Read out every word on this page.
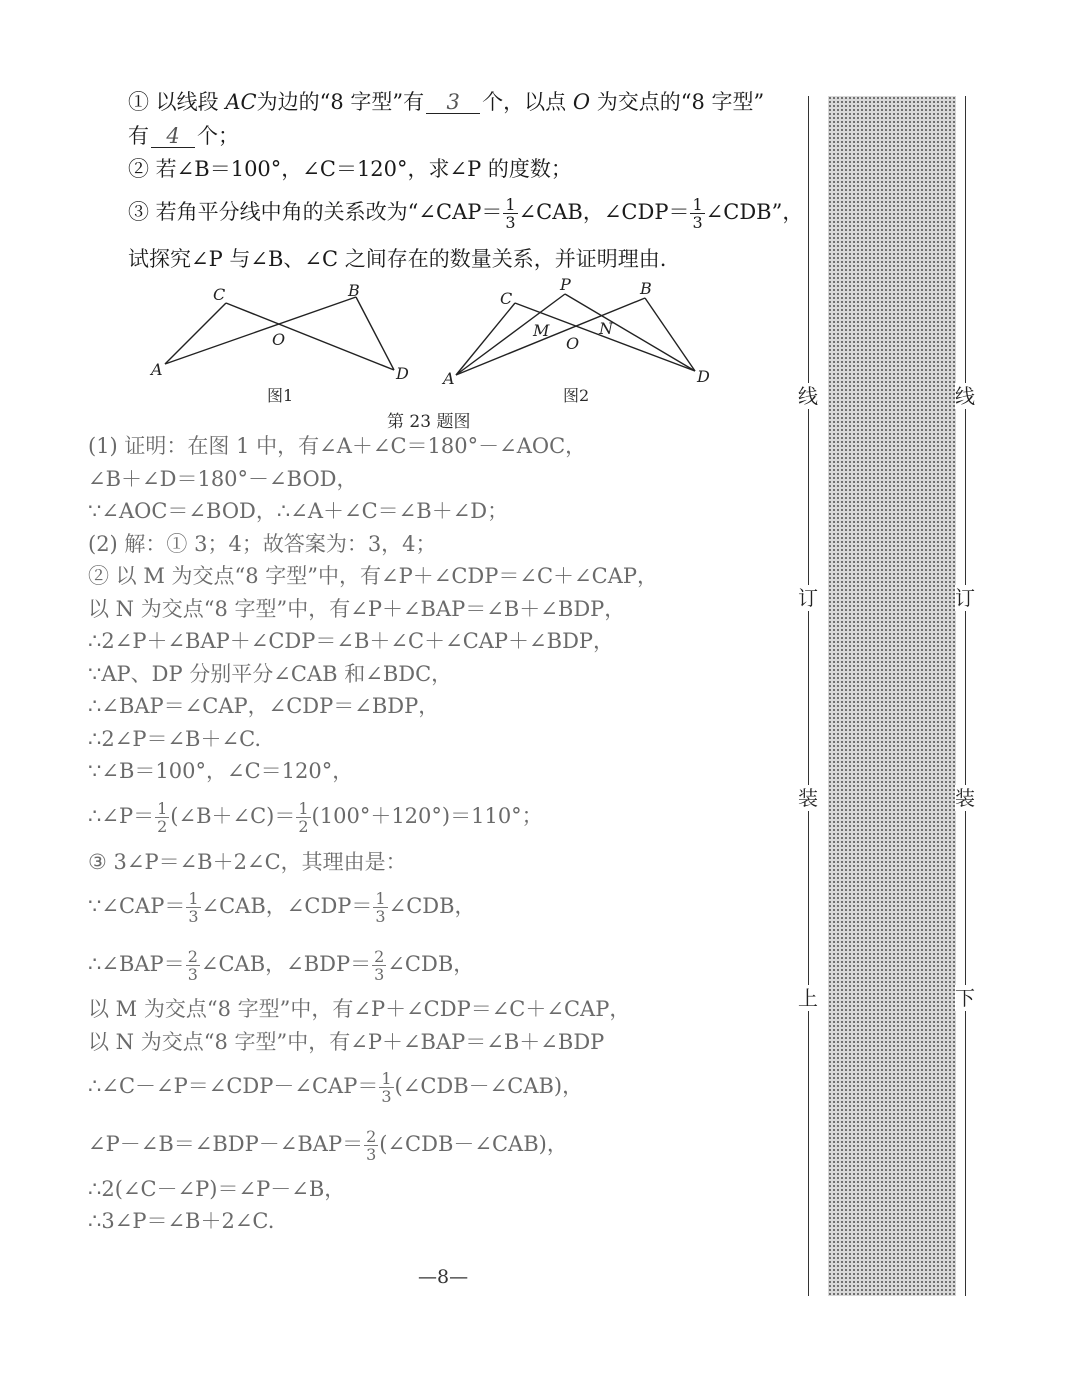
① 以线段 AC为边的“8 字型”有 3 个，以点 O 为交点的“8 字型”
有 4 个；
② 若∠B＝100°，∠C＝120°，求∠P 的度数；
③ 若角平分线中角的关系改为“∠CAP＝ $\frac{1}{3}$ ∠CAB，∠CDP＝ $\frac{1}{3}$ ∠CDB”，
试探究∠P 与∠B、∠C 之间存在的数量关系，并证明理由.
A
C
O
B
D A
C
P	B
M
O
N
D
图1	图2
第 23 题图
(1) 证明：在图 1 中，有∠A＋∠C＝180°－∠AOC，
∠B＋∠D＝180°－∠BOD，
∵∠AOC＝∠BOD，∴∠A＋∠C＝∠B＋∠D；
(2) 解：① 3；4；故答案为：3，4；
② 以 M 为交点“8 字型”中，有∠P＋∠CDP＝∠C＋∠CAP，
以 N 为交点“8 字型”中，有∠P＋∠BAP＝∠B＋∠BDP，
∴2∠P＋∠BAP＋∠CDP＝∠B＋∠C＋∠CAP＋∠BDP，
∵AP、DP 分别平分∠CAB 和∠BDC，
∴∠BAP＝∠CAP，∠CDP＝∠BDP，
∴2∠P＝∠B＋∠C.
∵∠B＝100°，∠C＝120°，
∴∠P＝ $\frac{1}{2}$ (∠B＋∠C)＝ $\frac{1}{2} (100^\circ+120^\circ)=110^\circ$；
③ 3∠P＝∠B＋2∠C，其理由是：
∵∠CAP＝ $\frac{1}{3}$ ∠CAB，∠CDP＝ $\frac{1}{3}$ ∠CDB，
∴∠BAP＝ $\frac{2}{3}$ ∠CAB，∠BDP＝ $\frac{2}{3}$ ∠CDB，
以 M 为交点“8 字型”中，有∠P＋∠CDP＝∠C＋∠CAP，
以 N 为交点“8 字型”中，有∠P＋∠BAP＝∠B＋∠BDP
∴∠C－∠P＝∠CDP－∠CAP＝ $\frac{1}{3}$ (∠CDB－∠CAB)，
∠P－∠B＝∠BDP－∠BAP＝ $\frac{2}{3}$ (∠CDB－∠CAB)，
∴2(∠C－∠P)＝∠P－∠B，
∴3∠P＝∠B＋2∠C.
—8—
线
订
装
上
线
订
装
下
